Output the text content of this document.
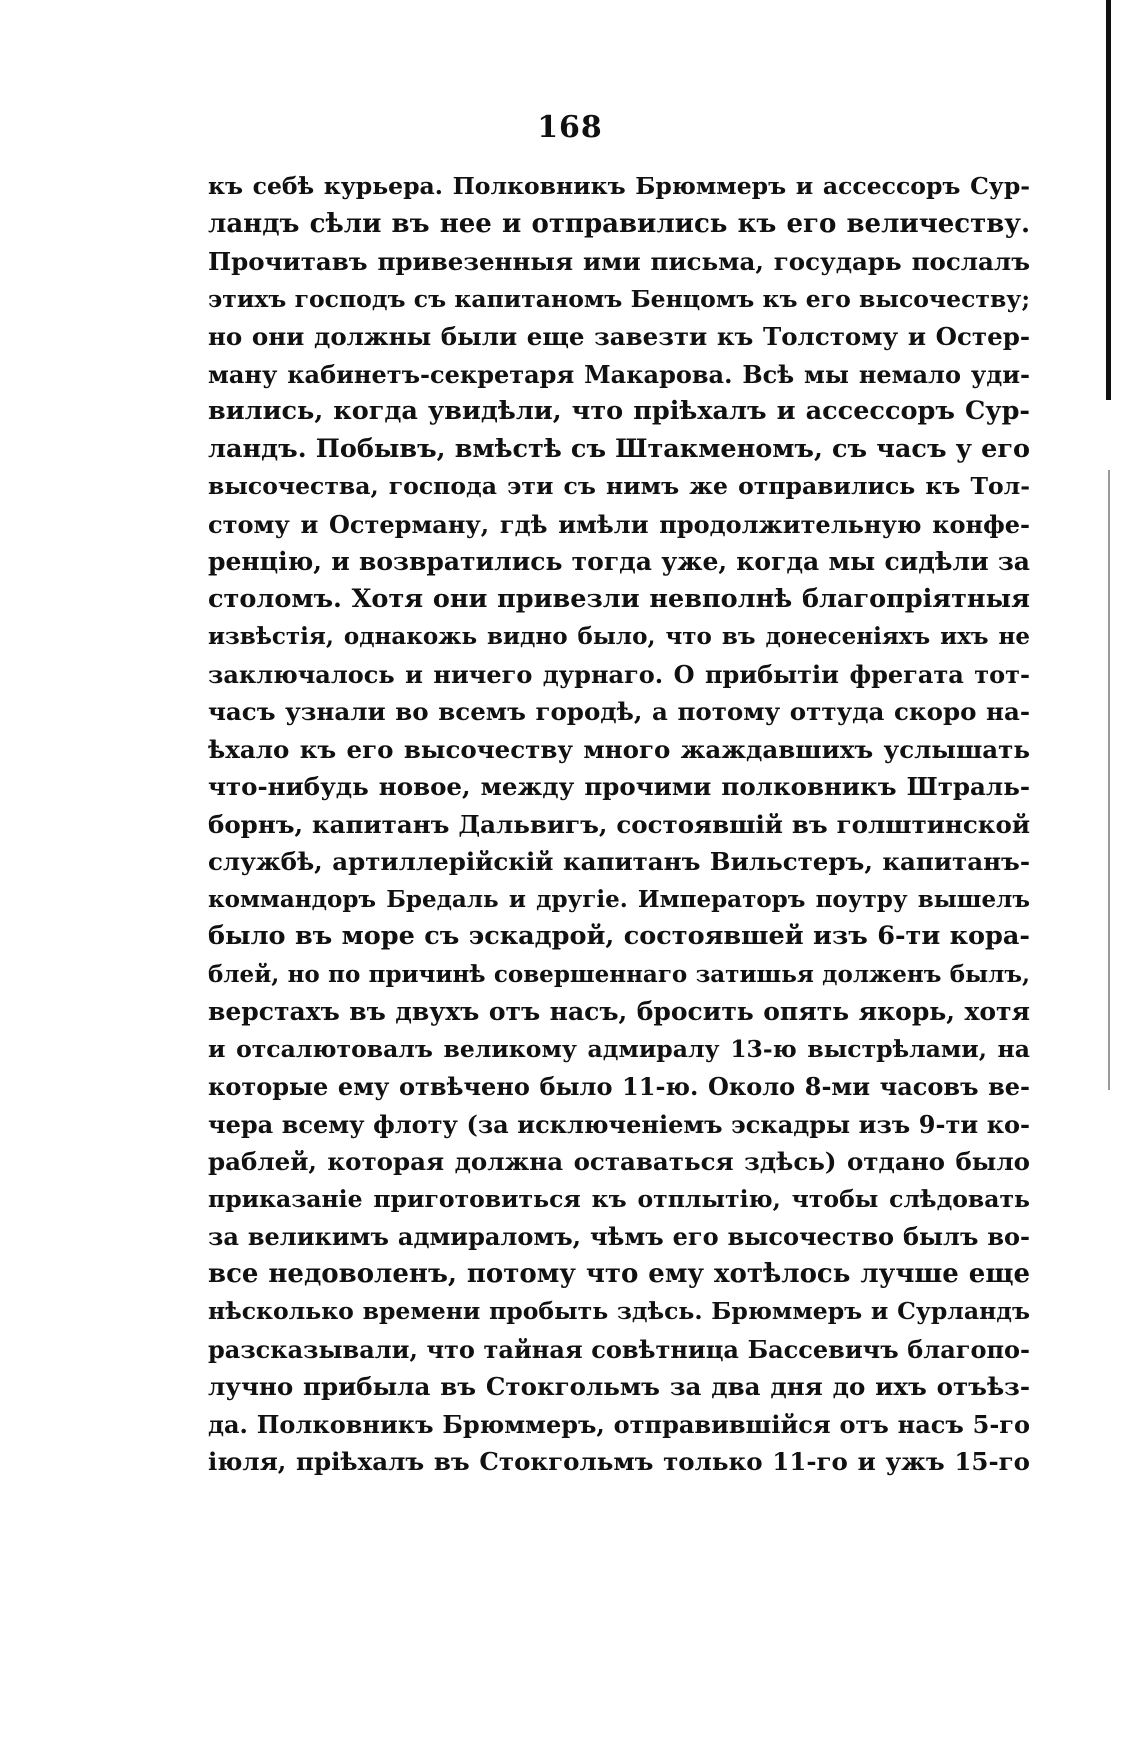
168
къ себѣ курьера. Полковникъ Брюммеръ и ассессоръ Сур-
ландъ сѣли въ нее и отправились къ его величеству.
Прочитавъ привезенныя ими письма, государь послалъ
этихъ господъ съ капитаномъ Бенцомъ къ его высочеству;
но они должны были еще завезти къ Толстому и Остер-
ману кабинетъ-секретаря Макарова. Всѣ мы немало уди-
вились, когда увидѣли, что пріѣхалъ и ассессоръ Сур-
ландъ. Побывъ, вмѣстѣ съ Штакменомъ, съ часъ у его
высочества, господа эти съ нимъ же отправились къ Тол-
стому и Остерману, гдѣ имѣли продолжительную конфе-
ренцію, и возвратились тогда уже, когда мы сидѣли за
столомъ. Хотя они привезли невполнѣ благопріятныя
извѣстія, однакожь видно было, что въ донесеніяхъ ихъ не
заключалось и ничего дурнаго. О прибытіи фрегата тот-
часъ узнали во всемъ городѣ, а потому оттуда скоро на-
ѣхало къ его высочеству много жаждавшихъ услышать
что-нибудь новое, между прочими полковникъ Штраль-
борнъ, капитанъ Дальвигъ, состоявшій въ голштинской
службѣ, артиллерійскій капитанъ Вильстеръ, капитанъ-
коммандоръ Бредаль и другіе. Императоръ поутру вышелъ
было въ море съ эскадрой, состоявшей изъ 6-ти кора-
блей, но по причинѣ совершеннаго затишья долженъ былъ,
верстахъ въ двухъ отъ насъ, бросить опять якорь, хотя
и отсалютовалъ великому адмиралу 13-ю выстрѣлами, на
которые ему отвѣчено было 11-ю. Около 8-ми часовъ ве-
чера всему флоту (за исключеніемъ эскадры изъ 9-ти ко-
раблей, которая должна оставаться здѣсь) отдано было
приказаніе приготовиться къ отплытію, чтобы слѣдовать
за великимъ адмираломъ, чѣмъ его высочество былъ во-
все недоволенъ, потому что ему хотѣлось лучше еще
нѣсколько времени пробыть здѣсь. Брюммеръ и Сурландъ
разсказывали, что тайная совѣтница Бассевичъ благопо-
лучно прибыла въ Стокгольмъ за два дня до ихъ отъѣз-
да. Полковникъ Брюммеръ, отправившійся отъ насъ 5-го
іюля, пріѣхалъ въ Стокгольмъ только 11-го и ужъ 15-го
